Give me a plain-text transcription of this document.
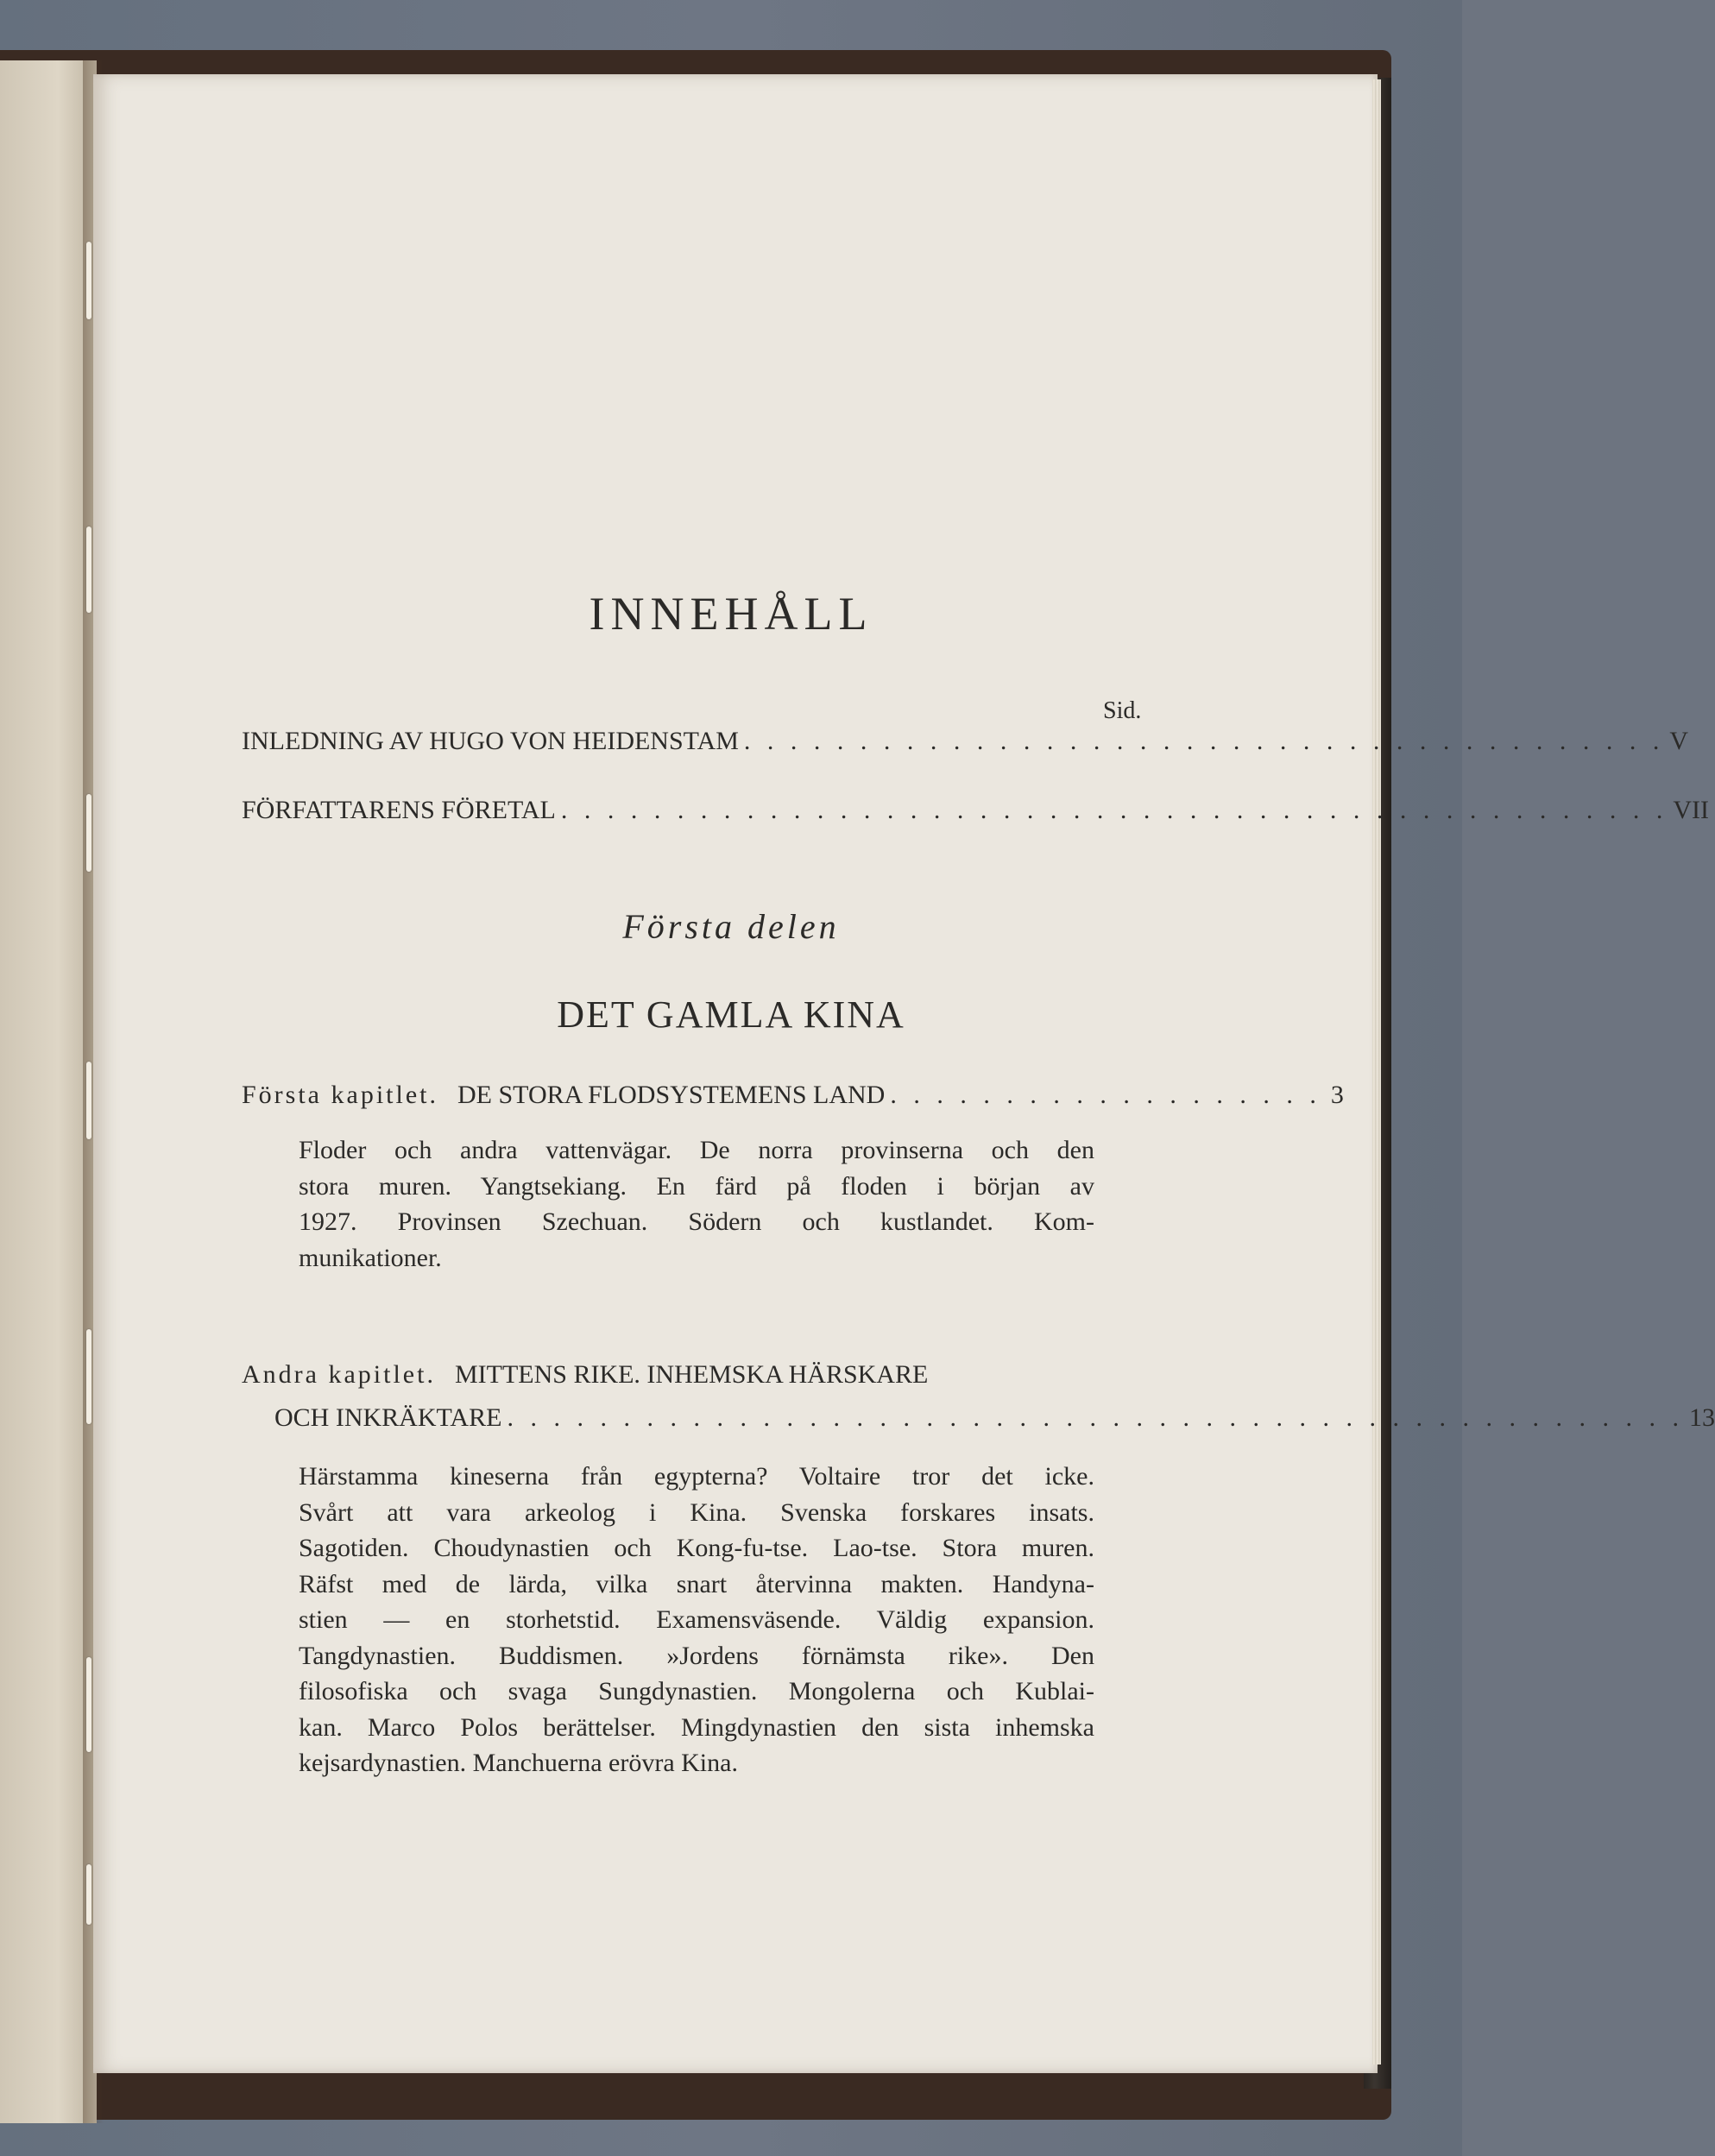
INNEHÅLL
Sid.
INLEDNING AV HUGO VON HEIDENSTAM . . . . . . . . . . . . . . . . . . . . . . . . . . . . . . . . . . . . . . . . V
FÖRFATTARENS FÖRETAL . . . . . . . . . . . . . . . . . . . . . . . . . . . . . . . . . . . . . . . . . . . . . . . . VII
Första delen
DET GAMLA KINA
Första kapitlet. DE STORA FLODSYSTEMENS LAND . . . . . . . . . . . . . . . . . . . 3
Floder och andra vattenvägar. De norra provinserna och den
stora muren. Yangtsekiang. En färd på floden i början av
1927. Provinsen Szechuan. Södern och kustlandet. Kom-
munikationer.
Andra kapitlet. MITTENS RIKE. INHEMSKA HÄRSKARE
OCH INKRÄKTARE . . . . . . . . . . . . . . . . . . . . . . . . . . . . . . . . . . . . . . . . . . . . . . . . . . . 13
Härstamma kineserna från egypterna? Voltaire tror det icke.
Svårt att vara arkeolog i Kina. Svenska forskares insats.
Sagotiden. Choudynastien och Kong-fu-tse. Lao-tse. Stora muren.
Räfst med de lärda, vilka snart återvinna makten. Handyna-
stien — en storhetstid. Examensväsende. Väldig expansion.
Tangdynastien. Buddismen. »Jordens förnämsta rike». Den
filosofiska och svaga Sungdynastien. Mongolerna och Kublai-
kan. Marco Polos berättelser. Mingdynastien den sista inhemska
kejsardynastien. Manchuerna erövra Kina.
